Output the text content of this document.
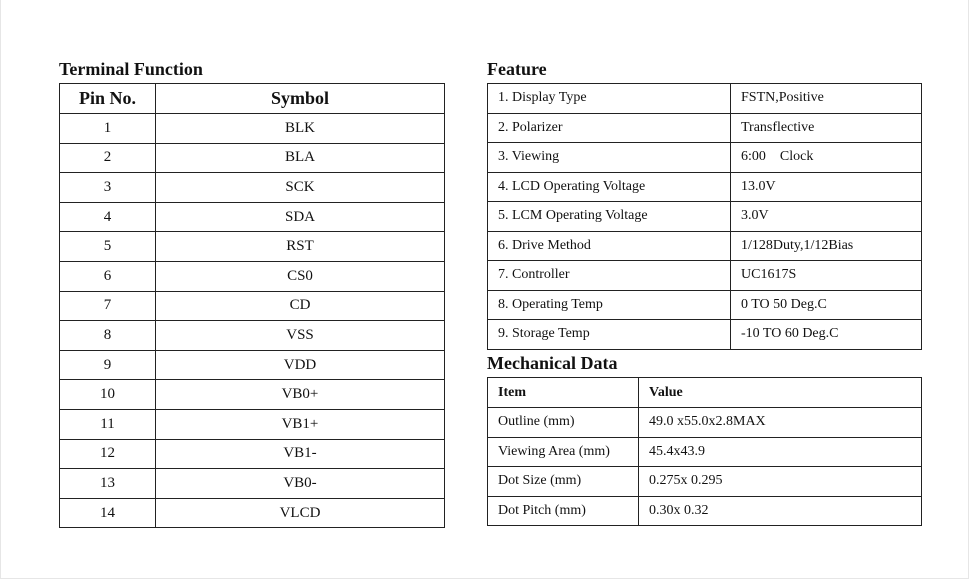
Terminal Function
Pin No.	Symbol
1	BLK
2	BLA
3	SCK
4	SDA
5	RST
6	CS0
7	CD
8	VSS
9	VDD
10	VB0+
11	VB1+
12	VB1-
13	VB0-
14	VLCD
Feature
1. Display Type	FSTN,Positive
2. Polarizer	Transflective
3. Viewing	6:00    Clock
4. LCD Operating Voltage	13.0V
5. LCM Operating Voltage	3.0V
6. Drive Method	1/128Duty,1/12Bias
7. Controller	UC1617S
8. Operating Temp	0 TO 50 Deg.C
9. Storage Temp	-10 TO 60 Deg.C
Mechanical Data
Item	Value
Outline (mm)	49.0 x55.0x2.8MAX
Viewing Area (mm)	45.4x43.9
Dot Size (mm)	0.275x 0.295
Dot Pitch (mm)	0.30x 0.32
